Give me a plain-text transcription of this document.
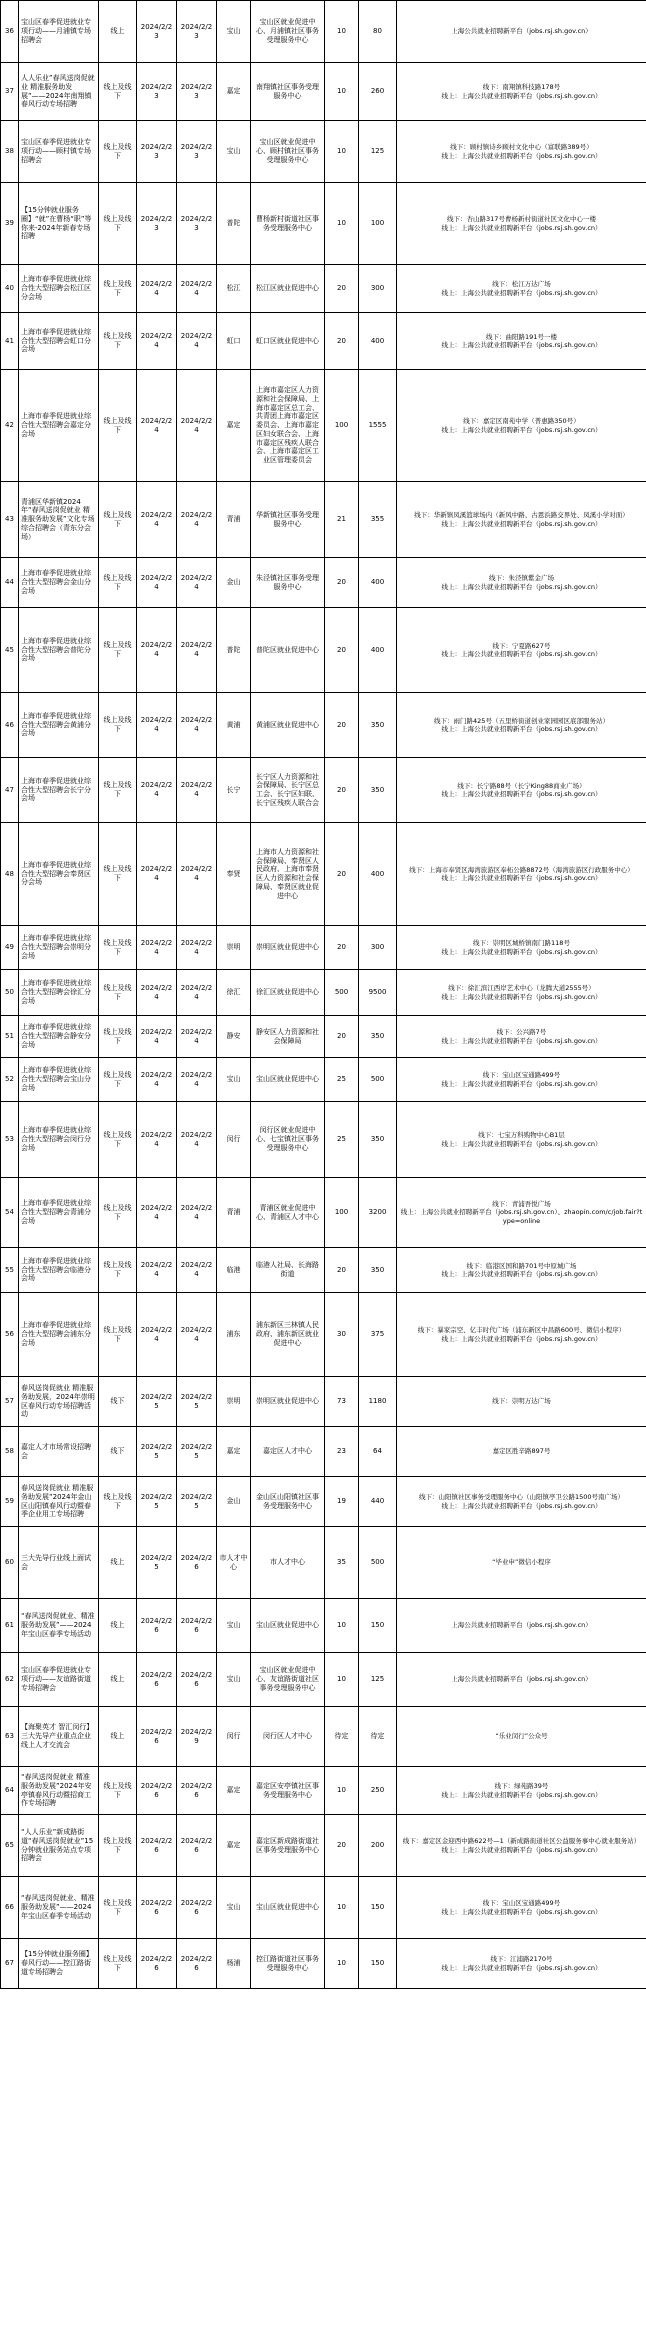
36	宝山区春季促进就业专项行动——月浦镇专场招聘会	线上	2024/2/23	2024/2/23	宝山	宝山区就业促进中心、月浦镇社区事务受理服务中心	10	80	上海公共就业招聘新平台（jobs.rsj.sh.gov.cn）
37	人人乐业”春风送岗促就业 精准服务助发展”——2024年南翔镇春风行动专场招聘	线上及线下	2024/2/23	2024/2/23	嘉定	南翔镇社区事务受理服务中心	10	260	线下：南翔镇科技路178号
线上：上海公共就业招聘新平台（jobs.rsj.sh.gov.cn）
38	宝山区春季促进就业专项行动——顾村镇专场招聘会	线上及线下	2024/2/23	2024/2/23	宝山	宝山区就业促进中心、顾村镇社区事务受理服务中心	10	125	线下：顾村镇诗乡顾村文化中心（富联路389号）
线上：上海公共就业招聘新平台（jobs.rsj.sh.gov.cn）
39	【15分钟就业服务圈】“就”在曹杨“职”等你来-2024年新春专场招聘	线上及线下	2024/2/23	2024/2/23	普陀	曹杨新村街道社区事务受理服务中心	10	100	线下：杏山路317号曹杨新村街道社区文化中心一楼
线上：上海公共就业招聘新平台（jobs.rsj.sh.gov.cn）
40	上海市春季促进就业综合性大型招聘会松江区分会场	线上及线下	2024/2/24	2024/2/24	松江	松江区就业促进中心	20	300	线下：松江万达广场
线上：上海公共就业招聘新平台（jobs.rsj.sh.gov.cn）
41	上海市春季促进就业综合性大型招聘会虹口分会场	线上及线下	2024/2/24	2024/2/24	虹口	虹口区就业促进中心	20	400	线下：曲阳路191号一楼
线上：上海公共就业招聘新平台（jobs.rsj.sh.gov.cn）
42	上海市春季促进就业综合性大型招聘会嘉定分会场	线上及线下	2024/2/24	2024/2/24	嘉定	上海市嘉定区人力资源和社会保障局、上海市嘉定区总工会、共青团上海市嘉定区委员会、上海市嘉定区妇女联合会、上海市嘉定区残疾人联合会、上海市嘉定区工业区管理委员会	100	1555	线下：嘉定区南苑中学（普惠路350号）
线上：上海公共就业招聘新平台（jobs.rsj.sh.gov.cn）
43	青浦区华新镇2024年“春风送岗促就业 精准服务助发展”文化专场综合招聘会（青东分会场）	线上及线下	2024/2/24	2024/2/24	青浦	华新镇社区事务受理服务中心	21	355	线下：华新镇凤溪篮球场内（新风中路、古恩浜路交界处、凤溪小学对面）
线上：上海公共就业招聘新平台（jobs.rsj.sh.gov.cn）
44	上海市春季促进就业综合性大型招聘会金山分会场	线上及线下	2024/2/24	2024/2/24	金山	朱泾镇社区事务受理服务中心	20	400	线下：朱泾镇紫金广场
线上：上海公共就业招聘新平台（jobs.rsj.sh.gov.cn）
45	上海市春季促进就业综合性大型招聘会普陀分会场	线上及线下	2024/2/24	2024/2/24	普陀	普陀区就业促进中心	20	400	线下：宁夏路627号
线上：上海公共就业招聘新平台（jobs.rsj.sh.gov.cn）
46	上海市春季促进就业综合性大型招聘会黄浦分会场	线上及线下	2024/2/24	2024/2/24	黄浦	黄浦区就业促进中心	20	350	线下：雨门路425号（五里桥街道创业家园园区底部服务站）
线上：上海公共就业招聘新平台（jobs.rsj.sh.gov.cn）
47	上海市春季促进就业综合性大型招聘会长宁分会场	线上及线下	2024/2/24	2024/2/24	长宁	长宁区人力资源和社会保障局、长宁区总工会、长宁区妇联、长宁区残疾人联合会	20	350	线下：长宁路88号（长宁King88商业广场）
线上：上海公共就业招聘新平台（jobs.rsj.sh.gov.cn）
48	上海市春季促进就业综合性大型招聘会奉贤区分会场	线上及线下	2024/2/24	2024/2/24	奉贤	上海市人力资源和社会保障局、奉贤区人民政府、上海市奉贤区人力资源和社会保障局、奉贤区就业促进中心	20	400	线下：上海市奉贤区海湾旅游区奉柘公路8872号（海湾旅游区行政服务中心）
线上：上海公共就业招聘新平台（jobs.rsj.sh.gov.cn）
49	上海市春季促进就业综合性大型招聘会崇明分会场	线上及线下	2024/2/24	2024/2/24	崇明	崇明区就业促进中心	20	300	线下：崇明区城桥镇南门路118号
线上：上海公共就业招聘新平台（jobs.rsj.sh.gov.cn）
50	上海市春季促进就业综合性大型招聘会徐汇分会场	线上及线下	2024/2/24	2024/2/24	徐汇	徐汇区就业促进中心	500	9500	线下：徐汇滨江西岸艺术中心（龙腾大道2555号）
线上：上海公共就业招聘新平台（jobs.rsj.sh.gov.cn）
51	上海市春季促进就业综合性大型招聘会静安分会场	线上及线下	2024/2/24	2024/2/24	静安	静安区人力资源和社会保障局	20	350	线下：公兴路7号
线上：上海公共就业招聘新平台（jobs.rsj.sh.gov.cn）
52	上海市春季促进就业综合性大型招聘会宝山分会场	线上及线下	2024/2/24	2024/2/24	宝山	宝山区就业促进中心	25	500	线下：宝山区宝通路499号
线上：上海公共就业招聘新平台（jobs.rsj.sh.gov.cn）
53	上海市春季促进就业综合性大型招聘会闵行分会场	线上及线下	2024/2/24	2024/2/24	闵行	闵行区就业促进中心、七宝镇社区事务受理服务中心	25	350	线下：七宝万科购物中心B1层
线上：上海公共就业招聘新平台（jobs.rsj.sh.gov.cn）
54	上海市春季促进就业综合性大型招聘会青浦分会场	线上及线下	2024/2/24	2024/2/24	青浦	青浦区就业促进中心、青浦区人才中心	100	3200	线下：青浦吾悦广场
线上：上海公共就业招聘新平台（jobs.rsj.sh.gov.cn）、zhaopin.com/c/job.fair?type=online
55	上海市春季促进就业综合性大型招聘会临港分会场	线上及线下	2024/2/24	2024/2/24	临港	临港人社局、长海路街道	20	350	线下：临港区国和路701号中原城广场
线上：上海公共就业招聘新平台（jobs.rsj.sh.gov.cn）
56	上海市春季促进就业综合性大型招聘会浦东分会场	线上及线下	2024/2/24	2024/2/24	浦东	浦东新区三林镇人民政府、浦东新区就业促进中心	30	375	线下：暴家宗空、亿丰时代广场（浦东新区中昌路600号、微信小程序）
线上：上海公共就业招聘新平台（jobs.rsj.sh.gov.cn）
57	春风送岗促就业 精准服务助发展，2024年崇明区春风行动专场招聘活动	线下	2024/2/25	2024/2/25	崇明	崇明区就业促进中心	73	1180	线下：崇明万达广场
58	嘉定人才市场常设招聘会	线下	2024/2/25	2024/2/25	嘉定	嘉定区人才中心	23	64	嘉定区胜辛路897号
59	春风送岗促就业 精准服务助发展”2024年金山区山阳镇春风行动暨春季企业用工专场招聘	线上及线下	2024/2/25	2024/2/25	金山	金山区山阳镇社区事务受理服务中心	19	440	线下：山阳镇社区事务受理服务中心（山阳镇亭卫公路1500号南广场）
线上：上海公共就业招聘新平台（jobs.rsj.sh.gov.cn）
60	三大先导行业线上面试会	线上	2024/2/25	2024/2/26	市人才中心	市人才中心	35	500	“毕业申”微信小程序
61	“春风送岗促就业、精准服务助发展”——2024年宝山区春季专场活动	线上	2024/2/26	2024/2/26	宝山	宝山区就业促进中心	10	150	上海公共就业招聘新平台（jobs.rsj.sh.gov.cn）
62	宝山区春季促进就业专项行动——友谊路街道专场招聘会	线上	2024/2/26	2024/2/26	宝山	宝山区就业促进中心、友谊路街道社区事务受理服务中心	10	125	上海公共就业招聘新平台（jobs.rsj.sh.gov.cn）
63	【海聚英才 智汇闵行】三大先导产业重点企业线上人才交流会	线上	2024/2/26	2024/2/29	闵行	闵行区人才中心	待定	待定	“乐业闵行”公众号
64	“春风送岗促就业 精准服务助发展”2024年安亭镇春风行动暨招商工作专场招聘	线上及线下	2024/2/26	2024/2/26	嘉定	嘉定区安亭镇社区事务受理服务中心	10	250	线下：绿苑路39号
线上：上海公共就业招聘新平台（jobs.rsj.sh.gov.cn）
65	“人人乐业”新成路街道“春风送岗促就业”15分钟就业服务站点专项招聘会	线上及线下	2024/2/26	2024/2/26	嘉定	嘉定区新成路街道社区事务受理服务中心	20	200	线下：嘉定区金迎西中路622号—1（新成路街道社区公益服务事中心就业服务站）
线上：上海公共就业招聘新平台（jobs.rsj.sh.gov.cn）
66	“春风送岗促就业、精准服务助发展”——2024年宝山区春季专场活动	线上及线下	2024/2/26	2024/2/26	宝山	宝山区就业促进中心	10	150	线下：宝山区宝通路499号
线上：上海公共就业招聘新平台（jobs.rsj.sh.gov.cn）
67	【15分钟就业服务圈】春风行动——控江路街道专场招聘会	线上及线下	2024/2/26	2024/2/26	杨浦	控江路街道社区事务受理服务中心	10	150	线下：江浦路2170号
线上：上海公共就业招聘新平台（jobs.rsj.sh.gov.cn）
